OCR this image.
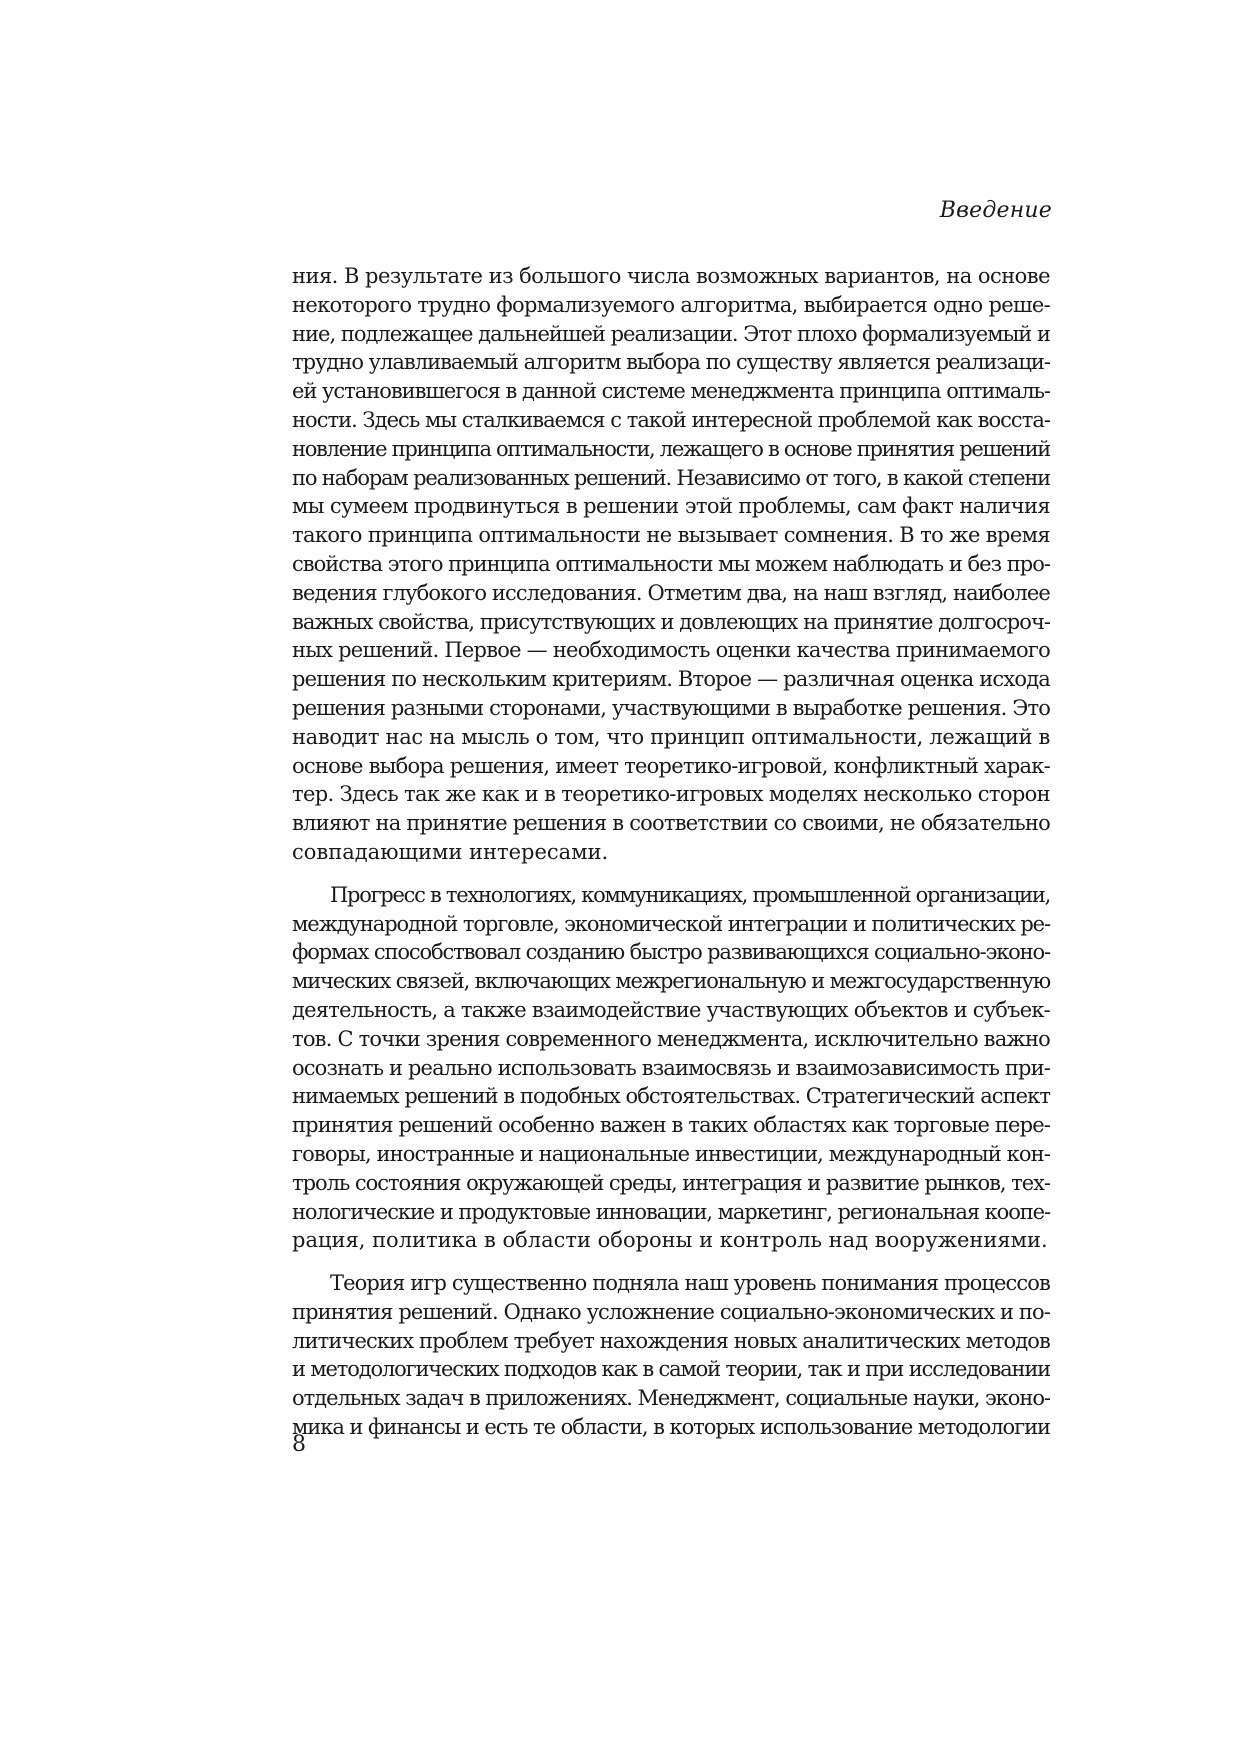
Введение

ния. В результате из большого числа возможных вариантов, на основе
некоторого трудно формализуемого алгоритма, выбирается одно реше-
ние, подлежащее дальнейшей реализации. Этот плохо формализуемый и
трудно улавливаемый алгоритм выбора по существу является реализаци-
ей установившегося в данной системе менеджмента принципа оптималь-
ности. Здесь мы сталкиваемся с такой интересной проблемой как восста-
новление принципа оптимальности, лежащего в основе принятия решений
по наборам реализованных решений. Независимо от того, в какой степени
мы сумеем продвинуться в решении этой проблемы, сам факт наличия
такого принципа оптимальности не вызывает сомнения. В то же время
свойства этого принципа оптимальности мы можем наблюдать и без про-
ведения глубокого исследования. Отметим два, на наш взгляд, наиболее
важных свойства, присутствующих и довлеющих на принятие долгосроч-
ных решений. Первое — необходимость оценки качества принимаемого
решения по нескольким критериям. Второе — различная оценка исхода
решения разными сторонами, участвующими в выработке решения. Это
наводит нас на мысль о том, что принцип оптимальности, лежащий в
основе выбора решения, имеет теоретико-игровой, конфликтный харак-
тер. Здесь так же как и в теоретико-игровых моделях несколько сторон
влияют на принятие решения в соответствии со своими, не обязательно
совпадающими интересами.

Прогресс в технологиях, коммуникациях, промышленной организации,
международной торговле, экономической интеграции и политических ре-
формах способствовал созданию быстро развивающихся социально-эконо-
мических связей, включающих межрегиональную и межгосударственную
деятельность, а также взаимодействие участвующих объектов и субъек-
тов. С точки зрения современного менеджмента, исключительно важно
осознать и реально использовать взаимосвязь и взаимозависимость при-
нимаемых решений в подобных обстоятельствах. Стратегический аспект
принятия решений особенно важен в таких областях как торговые пере-
говоры, иностранные и национальные инвестиции, международный кон-
троль состояния окружающей среды, интеграция и развитие рынков, тех-
нологические и продуктовые инновации, маркетинг, региональная коопе-
рация, политика в области обороны и контроль над вооружениями.

Теория игр существенно подняла наш уровень понимания процессов
принятия решений. Однако усложнение социально-экономических и по-
литических проблем требует нахождения новых аналитических методов
и методологических подходов как в самой теории, так и при исследовании
отдельных задач в приложениях. Менеджмент, социальные науки, эконо-
мика и финансы и есть те области, в которых использование методологии

8
